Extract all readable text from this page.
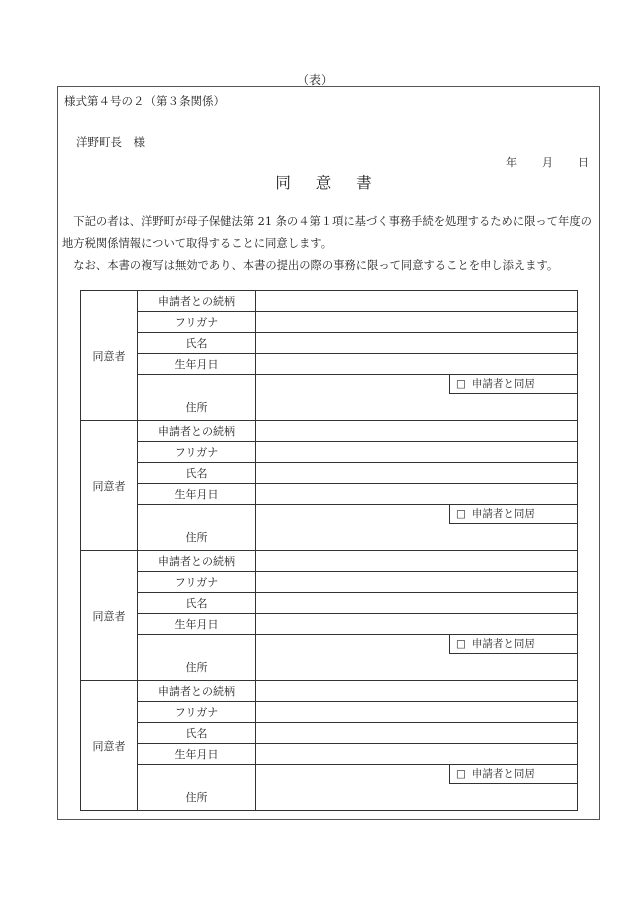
（表）
様式第４号の２（第３条関係）
洋野町長　様
年 月 日
同 意 書

下記の者は、洋野町が母子保健法第 21 条の４第１項に基づく事務手続を処理するために限って年度の地方税関係情報について取得することに同意します。

なお、本書の複写は無効であり、本書の提出の際の事務に限って同意することを申し添えます。

同意者	申請者との続柄	
	フリガナ	
	氏名	
	生年月日	
	住所	□ 申請者と同居

同意者	申請者との続柄	
	フリガナ	
	氏名	
	生年月日	
	住所	□ 申請者と同居

同意者	申請者との続柄	
	フリガナ	
	氏名	
	生年月日	
	住所	□ 申請者と同居

同意者	申請者との続柄	
	フリガナ	
	氏名	
	生年月日	
	住所	□ 申請者と同居
